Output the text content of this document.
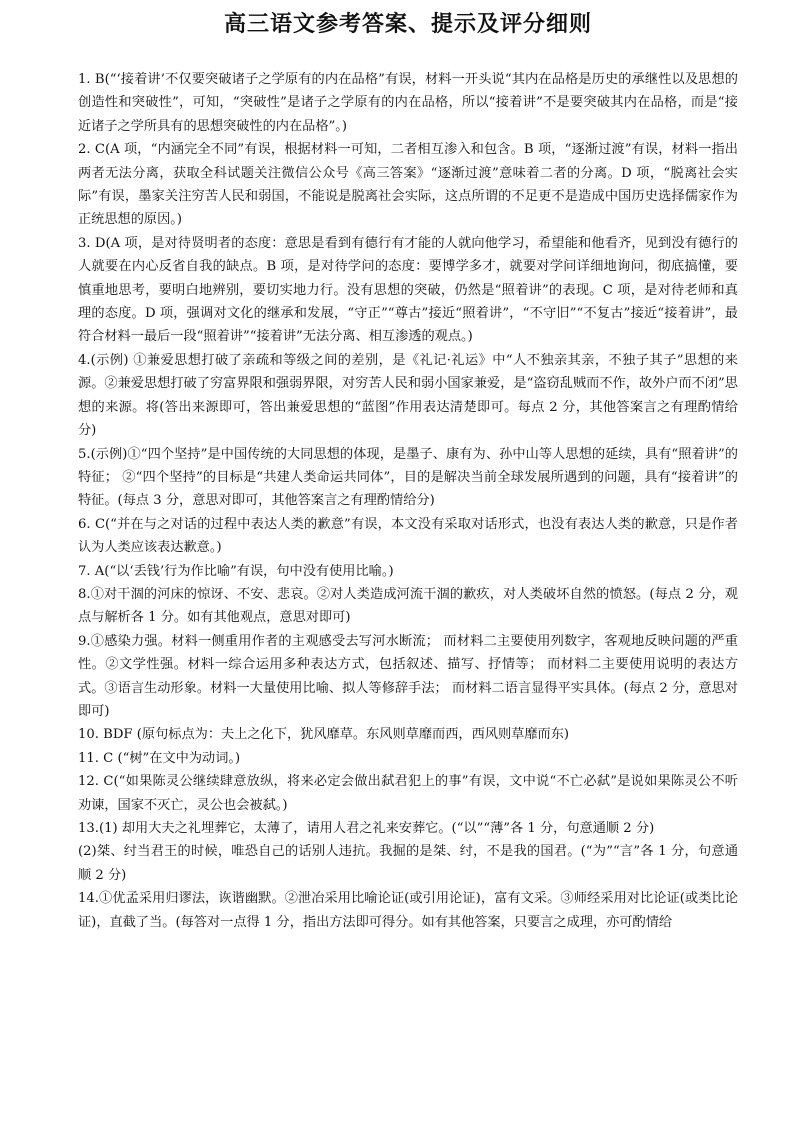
高三语文参考答案、提示及评分细则

1. B(“‘接着讲’不仅要突破诸子之学原有的内在品格”有误，材料一开头说“其内在品格是历史的承继性以及思想的创造性和突破性”，可知，“突破性”是诸子之学原有的内在品格，所以“接着讲”不是要突破其内在品格，而是“接近诸子之学所具有的思想突破性的内在品格”。)

2. C(A 项，“内涵完全不同”有误，根据材料一可知，二者相互渗入和包含。B 项，“逐渐过渡”有误，材料一指出两者无法分离，获取全科试题关注微信公众号《高三答案》“逐渐过渡”意味着二者的分离。D 项，“脱离社会实际”有误，墨家关注穷苦人民和弱国，不能说是脱离社会实际，这点所谓的不足更不是造成中国历史选择儒家作为正统思想的原因。)

3. D(A 项，是对待贤明者的态度：意思是看到有德行有才能的人就向他学习，希望能和他看齐，见到没有德行的人就要在内心反省自我的缺点。B 项，是对待学问的态度：要博学多才，就要对学问详细地询问，彻底搞懂，要慎重地思考，要明白地辨别，要切实地力行。没有思想的突破，仍然是“照着讲”的表现。C 项，是对待老师和真理的态度。D 项，强调对文化的继承和发展，“守正”“尊古”接近“照着讲”，“不守旧”“不复古”接近“接着讲”，最符合材料一最后一段“照着讲”“接着讲”无法分离、相互渗透的观点。)

4.(示例) ①兼爱思想打破了亲疏和等级之间的差别，是《礼记·礼运》中“人不独亲其亲，不独子其子”思想的来源。②兼爱思想打破了穷富界限和强弱界限，对穷苦人民和弱小国家兼爱，是“盗窃乱贼而不作，故外户而不闭”思想的来源。将(答出来源即可，答出兼爱思想的“蓝图”作用表达清楚即可。每点 2 分，其他答案言之有理酌情给分)

5.(示例)①“四个坚持”是中国传统的大同思想的体现，是墨子、康有为、孙中山等人思想的延续，具有“照着讲”的特征； ②“四个坚持”的目标是“共建人类命运共同体”，目的是解决当前全球发展所遇到的问题，具有“接着讲”的特征。(每点 3 分，意思对即可，其他答案言之有理酌情给分)

6. C(“并在与之对话的过程中表达人类的歉意”有误，本文没有采取对话形式，也没有表达人类的歉意，只是作者认为人类应该表达歉意。)

7. A(“以‘丢钱’行为作比喻”有误，句中没有使用比喻。)

8.①对干涸的河床的惊讶、不安、悲哀。②对人类造成河流干涸的歉疚，对人类破坏自然的愤怒。(每点 2 分，观点与解析各 1 分。如有其他观点，意思对即可)

9.①感染力强。材料一侧重用作者的主观感受去写河水断流； 而材料二主要使用列数字，客观地反映问题的严重性。②文学性强。材料一综合运用多种表达方式，包括叙述、描写、抒情等； 而材料二主要使用说明的表达方式。③语言生动形象。材料一大量使用比喻、拟人等修辞手法； 而材料二语言显得平实具体。(每点 2 分，意思对即可)

10. BDF (原句标点为：夫上之化下，犹风靡草。东风则草靡而西，西风则草靡而东)

11. C (“树”在文中为动词。)

12. C(“如果陈灵公继续肆意放纵，将来必定会做出弑君犯上的事”有误，文中说“不亡必弑”是说如果陈灵公不听劝谏，国家不灭亡，灵公也会被弑。)

13.(1) 却用大夫之礼埋葬它，太薄了，请用人君之礼来安葬它。(“以”“薄”各 1 分，句意通顺 2 分)

(2)桀、纣当君王的时候，唯恐自己的话别人违抗。我掘的是桀、纣，不是我的国君。(“为”“言”各 1 分，句意通顺 2 分)

14.①优孟采用归谬法，诙谐幽默。②泄冶采用比喻论证(或引用论证)，富有文采。③师经采用对比论证(或类比论证)，直截了当。(每答对一点得 1 分，指出方法即可得分。如有其他答案，只要言之成理，亦可酌情给
